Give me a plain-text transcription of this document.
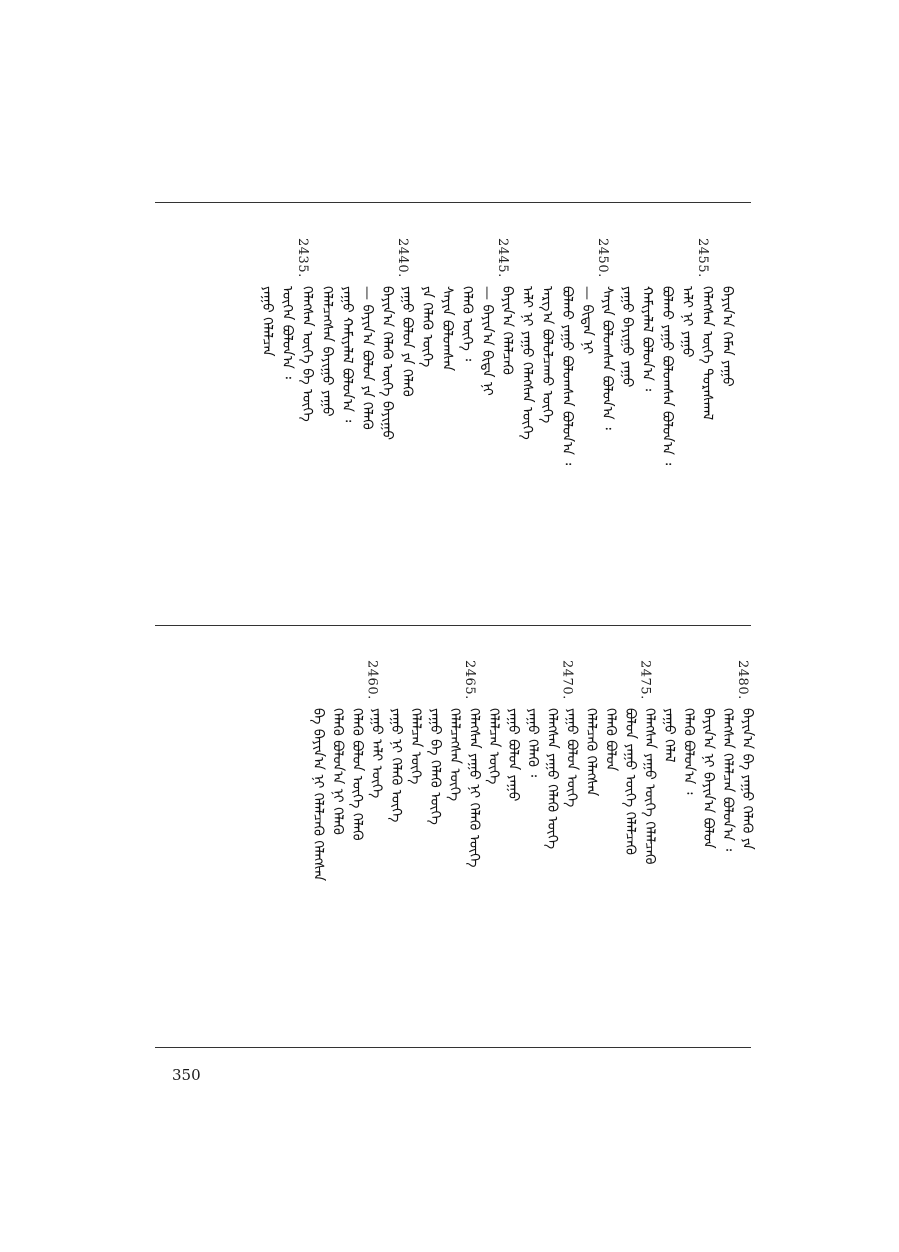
ᠪᠠᠶᠢᠨ᠎ᠠ ᠬᠡᠮᠡᠨ ᠶᠠᠭᠤ
2455.
ᠬᠡᠯᠡᠭᠰᠡᠨ ᠦᠭᠡ ᠳᠤᠷᠠᠰᠬᠠᠯ
ᠠᠯᠢ ᠨᠢ ᠶᠠᠭᠤ
ᠪᠣᠯᠬᠤ ᠶᠠᠭᠤ ᠪᠣᠯᠤᠭᠰᠠᠨ ᠪᠣᠯᠤᠨ᠎ᠠ ᠄
ᠬᠠᠮᠢᠶᠠᠯᠠᠯ ᠪᠣᠯᠤᠨ᠎ᠠ ᠄
ᠶᠠᠭᠤ ᠪᠠᠶᠢᠭᠤ ᠶᠠᠭᠤ
2450.
ᠰᠠᠶᠢᠨ ᠪᠣᠯᠤᠭᠰᠠᠨ ᠪᠣᠯᠤᠨ᠎ᠠ ᠄
— ᠪᠢᠳᠡᠨ ᠨᠢ
ᠪᠣᠯᠬᠤ ᠶᠠᠭᠤ ᠪᠣᠯᠤᠭᠰᠠᠨ ᠪᠣᠯᠤᠨ᠎ᠠ ᠄
ᠠᠷᠭ᠎ᠠ ᠪᠣᠯᠤᠯᠴᠠᠬᠤ ᠦᠭᠡ
ᠠᠯᠢ ᠨᠢ ᠶᠠᠭᠤ ᠬᠡᠯᠡᠭᠰᠡᠨ ᠦᠭᠡ
2445.
ᠪᠠᠶᠢᠨ᠎ᠠ ᠬᠡᠯᠡᠯᠴᠡᠬᠦ
— ᠪᠠᠶᠢᠨ᠎ᠠ ᠪᠢᠳᠡ ᠨᠢ
ᠬᠡᠯᠡᠬᠦ ᠦᠭᠡ ᠄
ᠰᠠᠶᠢᠨ ᠪᠣᠯᠤᠭᠰᠠᠨ
ᠶᠠ ᠬᠡᠯᠡᠬᠦ ᠦᠭᠡ
2440.
ᠶᠠᠭᠤ ᠪᠣᠯᠤᠨ ᠶᠠ ᠬᠡᠯᠡᠬᠦ
ᠪᠠᠶᠢᠨ᠎ᠠ ᠬᠡᠯᠡᠬᠦ ᠦᠭᠡ ᠪᠠᠶᠢᠭᠤ
— ᠪᠠᠶᠢᠨ᠎ᠠ ᠪᠣᠯᠤᠨ ᠶᠠ ᠬᠡᠯᠡᠬᠦ
ᠶᠠᠭᠤ ᠬᠠᠮᠢᠶᠠᠯᠠᠯ ᠪᠣᠯᠤᠨ᠎ᠠ ᠄
ᠬᠡᠯᠡᠯᠴᠡᠭᠰᠡᠨ ᠪᠠᠶᠢᠭᠤ ᠶᠠᠭᠤ
2435.
ᠬᠡᠯᠡᠭᠰᠡᠨ ᠦᠭᠡ ᠪᠠ ᠦᠭᠡ
ᠦᠭᠡᠨ ᠪᠣᠯᠤᠨ᠎ᠠ ᠄
ᠶᠠᠭᠤ ᠬᠡᠯᠡᠯᠴᠡᠨ
2480.
ᠪᠠᠶᠢᠨ᠎ᠠ ᠪᠠ ᠶᠠᠭᠤ ᠬᠡᠯᠡᠬᠦ ᠶᠠ
ᠬᠡᠯᠡᠭᠰᠡᠨ ᠬᠡᠯᠡᠯᠴᠡᠨ ᠪᠣᠯᠤᠨ᠎ᠠ ᠄
ᠪᠠᠶᠢᠨ᠎ᠠ ᠨᠢ ᠪᠠᠶᠢᠨ᠎ᠠ ᠪᠣᠯᠤᠨ
ᠬᠡᠯᠡᠬᠦ ᠪᠣᠯᠤᠨ᠎ᠠ ᠄
ᠶᠠᠭᠤ ᠬᠡᠯᠡᠯ
2475.
ᠬᠡᠯᠡᠭᠰᠡᠨ ᠶᠠᠭᠤ ᠦᠭᠡ ᠬᠡᠯᠡᠯᠴᠡᠬᠦ
ᠪᠣᠯᠤᠨ ᠶᠠᠭᠤ ᠦᠭᠡ ᠬᠡᠯᠡᠯᠴᠡᠬᠦ
ᠬᠡᠯᠡᠬᠦ ᠪᠣᠯᠤᠨ
ᠬᠡᠯᠡᠯᠴᠡᠬᠦ ᠬᠡᠯᠡᠭᠰᠡᠨ
2470.
ᠶᠠᠭᠤ ᠪᠣᠯᠤᠨ ᠦᠭᠡ
ᠬᠡᠯᠡᠭᠰᠡᠨ ᠶᠠᠭᠤ ᠬᠡᠯᠡᠬᠦ ᠦᠭᠡ
ᠶᠠᠭᠤ ᠬᠡᠯᠡᠬᠦ ᠄
ᠶᠠᠭᠤ ᠪᠣᠯᠤᠨ ᠶᠠᠭᠤ
ᠬᠡᠯᠡᠯᠴᠡᠨ ᠦᠭᠡ
2465.
ᠬᠡᠯᠡᠭᠰᠡᠨ ᠶᠠᠭᠤ ᠨᠢ ᠬᠡᠯᠡᠬᠦ ᠦᠭᠡ
ᠬᠡᠯᠡᠯᠴᠡᠭᠰᠡᠨ ᠦᠭᠡ
ᠶᠠᠭᠤ ᠪᠠ ᠬᠡᠯᠡᠬᠦ ᠦᠭᠡ
ᠬᠡᠯᠡᠯᠴᠡᠨ ᠦᠭᠡ
ᠶᠠᠭᠤ ᠨᠢ ᠬᠡᠯᠡᠬᠦ ᠦᠭᠡ
2460.
ᠶᠠᠭᠤ ᠠᠯᠢ ᠦᠭᠡ
ᠬᠡᠯᠡᠬᠦ ᠪᠣᠯᠤᠨ ᠦᠭᠡ ᠬᠡᠯᠡᠬᠦ
ᠬᠡᠯᠡᠬᠦ ᠪᠣᠯᠤᠨ᠎ᠠ ᠨᠢ ᠬᠡᠯᠡᠬᠦ
ᠪᠠ ᠪᠠᠶᠢᠨ᠎ᠠ ᠨᠢ ᠬᠡᠯᠡᠯᠴᠡᠬᠦ ᠬᠡᠯᠡᠭᠰᠡᠨ
350
